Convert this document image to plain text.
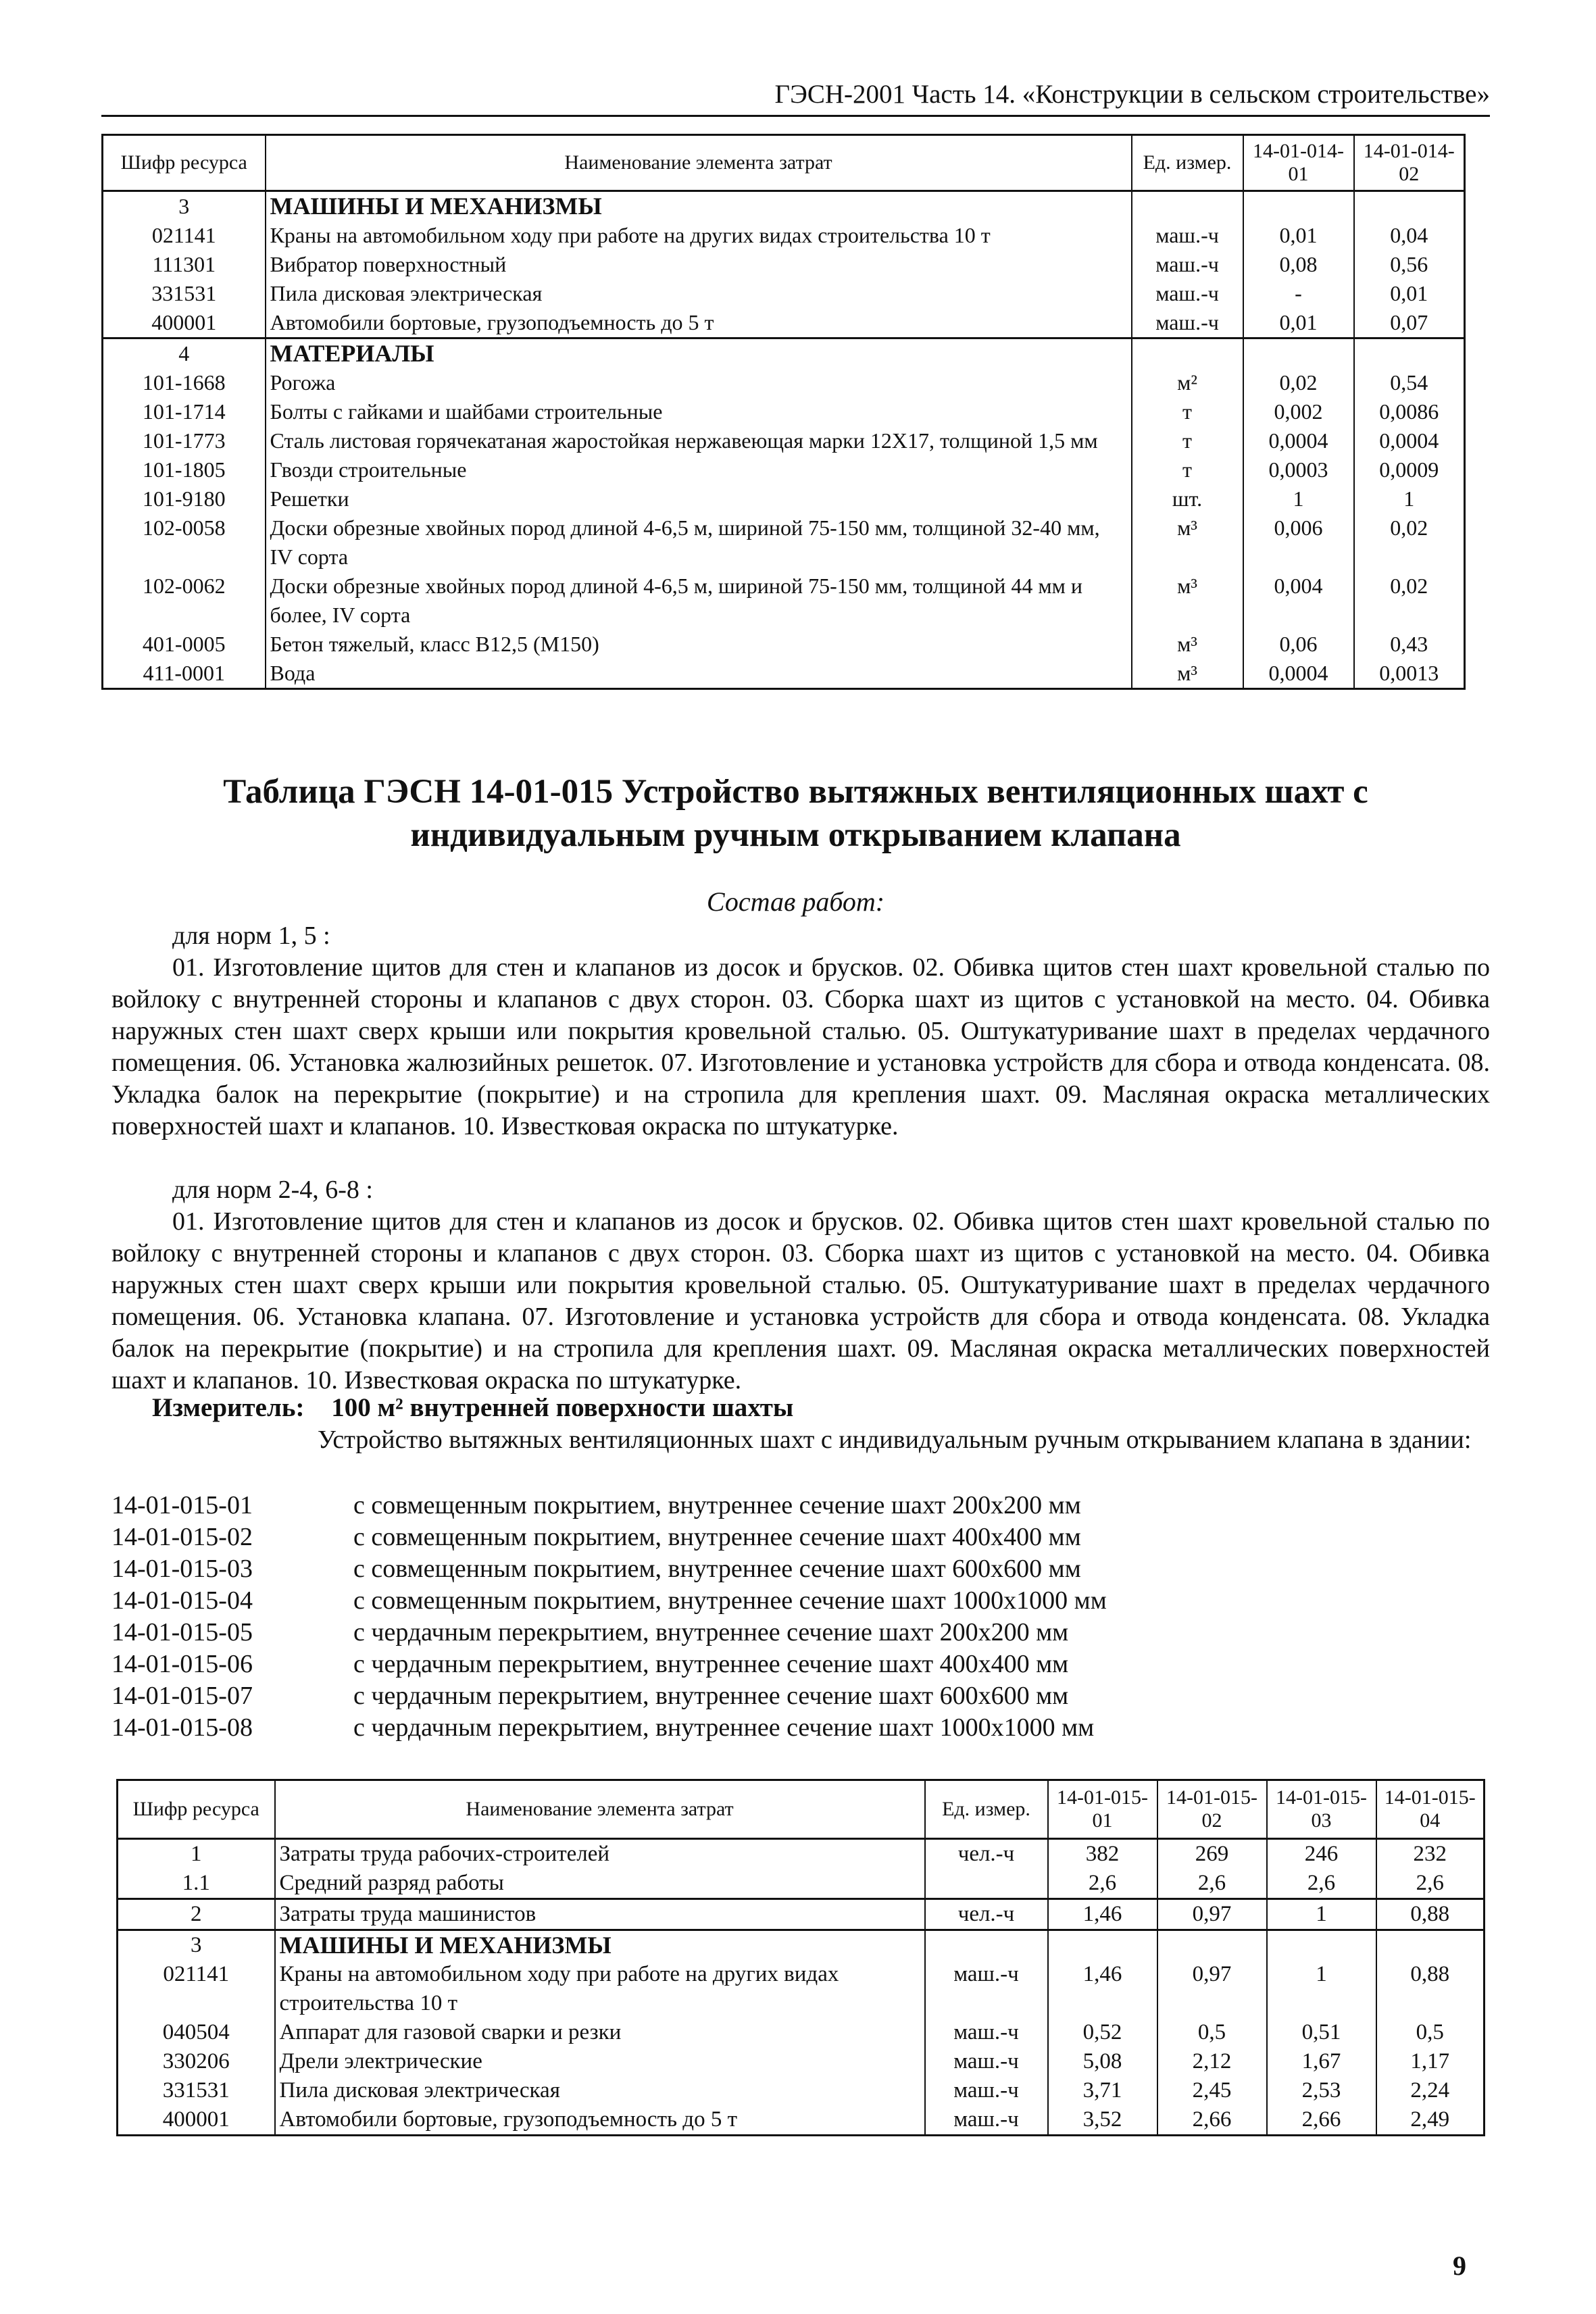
ГЭСН-2001 Часть 14. «Конструкции в сельском строительстве»
Шифр ресурса	Наименование элемента затрат	Ед. измер.	14-01-014-01	14-01-014-02
3	МАШИНЫ И МЕХАНИЗМЫ			
021141	Краны на автомобильном ходу при работе на других видах строительства 10 т	маш.-ч	0,01	0,04
111301	Вибратор поверхностный	маш.-ч	0,08	0,56
331531	Пила дисковая электрическая	маш.-ч	-	0,01
400001	Автомобили бортовые, грузоподъемность до 5 т	маш.-ч	0,01	0,07
4	МАТЕРИАЛЫ			
101-1668	Рогожа	м²	0,02	0,54
101-1714	Болты с гайками и шайбами строительные	т	0,002	0,0086
101-1773	Сталь листовая горячекатаная жаростойкая нержавеющая марки 12Х17, толщиной 1,5 мм	т	0,0004	0,0004
101-1805	Гвозди строительные	т	0,0003	0,0009
101-9180	Решетки	шт.	1	1
102-0058	Доски обрезные хвойных пород длиной 4-6,5 м, шириной 75-150 мм, толщиной 32-40 мм, IV сорта	м³	0,006	0,02
102-0062	Доски обрезные хвойных пород длиной 4-6,5 м, шириной 75-150 мм, толщиной 44 мм и более, IV сорта	м³	0,004	0,02
401-0005	Бетон тяжелый, класс В12,5 (М150)	м³	0,06	0,43
411-0001	Вода	м³	0,0004	0,0013
Таблица ГЭСН 14-01-015 Устройство вытяжных вентиляционных шахт с индивидуальным ручным открыванием клапана
Состав работ:
для норм 1, 5 :

01. Изготовление щитов для стен и клапанов из досок и брусков. 02. Обивка щитов стен шахт кровельной сталью по войлоку с внутренней стороны и клапанов с двух сторон. 03. Сборка шахт из щитов с установкой на место. 04. Обивка наружных стен шахт сверх крыши или покрытия кровельной сталью. 05. Оштукатуривание шахт в пределах чердачного помещения. 06. Установка жалюзийных решеток. 07. Изготовление и установка устройств для сбора и отвода конденсата. 08. Укладка балок на перекрытие (покрытие) и на стропила для крепления шахт. 09. Масляная окраска металлических поверхностей шахт и клапанов. 10. Известковая окраска по штукатурке.

для норм 2-4, 6-8 :

01. Изготовление щитов для стен и клапанов из досок и брусков. 02. Обивка щитов стен шахт кровельной сталью по войлоку с внутренней стороны и клапанов с двух сторон. 03. Сборка шахт из щитов с установкой на место. 04. Обивка наружных стен шахт сверх крыши или покрытия кровельной сталью. 05. Оштукатуривание шахт в пределах чердачного помещения. 06. Установка клапана. 07. Изготовление и установка устройств для сбора и отвода конденсата. 08. Укладка балок на перекрытие (покрытие) и на стропила для крепления шахт. 09. Масляная окраска металлических поверхностей шахт и клапанов. 10. Известковая окраска по штукатурке.

Измеритель: 100 м² внутренней поверхности шахты
Устройство вытяжных вентиляционных шахт с индивидуальным ручным открыванием клапана в здании:
14-01-015-01	с совмещенным покрытием, внутреннее сечение шахт 200х200 мм
14-01-015-02	с совмещенным покрытием, внутреннее сечение шахт 400х400 мм
14-01-015-03	с совмещенным покрытием, внутреннее сечение шахт 600х600 мм
14-01-015-04	с совмещенным покрытием, внутреннее сечение шахт 1000х1000 мм
14-01-015-05	с чердачным перекрытием, внутреннее сечение шахт 200х200 мм
14-01-015-06	с чердачным перекрытием, внутреннее сечение шахт 400х400 мм
14-01-015-07	с чердачным перекрытием, внутреннее сечение шахт 600х600 мм
14-01-015-08	с чердачным перекрытием, внутреннее сечение шахт 1000х1000 мм
Шифр ресурса	Наименование элемента затрат	Ед. измер.	14-01-015-01	14-01-015-02	14-01-015-03	14-01-015-04
1	Затраты труда рабочих-строителей	чел.-ч	382	269	246	232
1.1	Средний разряд работы		2,6	2,6	2,6	2,6
2	Затраты труда машинистов	чел.-ч	1,46	0,97	1	0,88
3	МАШИНЫ И МЕХАНИЗМЫ					
021141	Краны на автомобильном ходу при работе на других видах строительства 10 т	маш.-ч	1,46	0,97	1	0,88
040504	Аппарат для газовой сварки и резки	маш.-ч	0,52	0,5	0,51	0,5
330206	Дрели электрические	маш.-ч	5,08	2,12	1,67	1,17
331531	Пила дисковая электрическая	маш.-ч	3,71	2,45	2,53	2,24
400001	Автомобили бортовые, грузоподъемность до 5 т	маш.-ч	3,52	2,66	2,66	2,49
9
